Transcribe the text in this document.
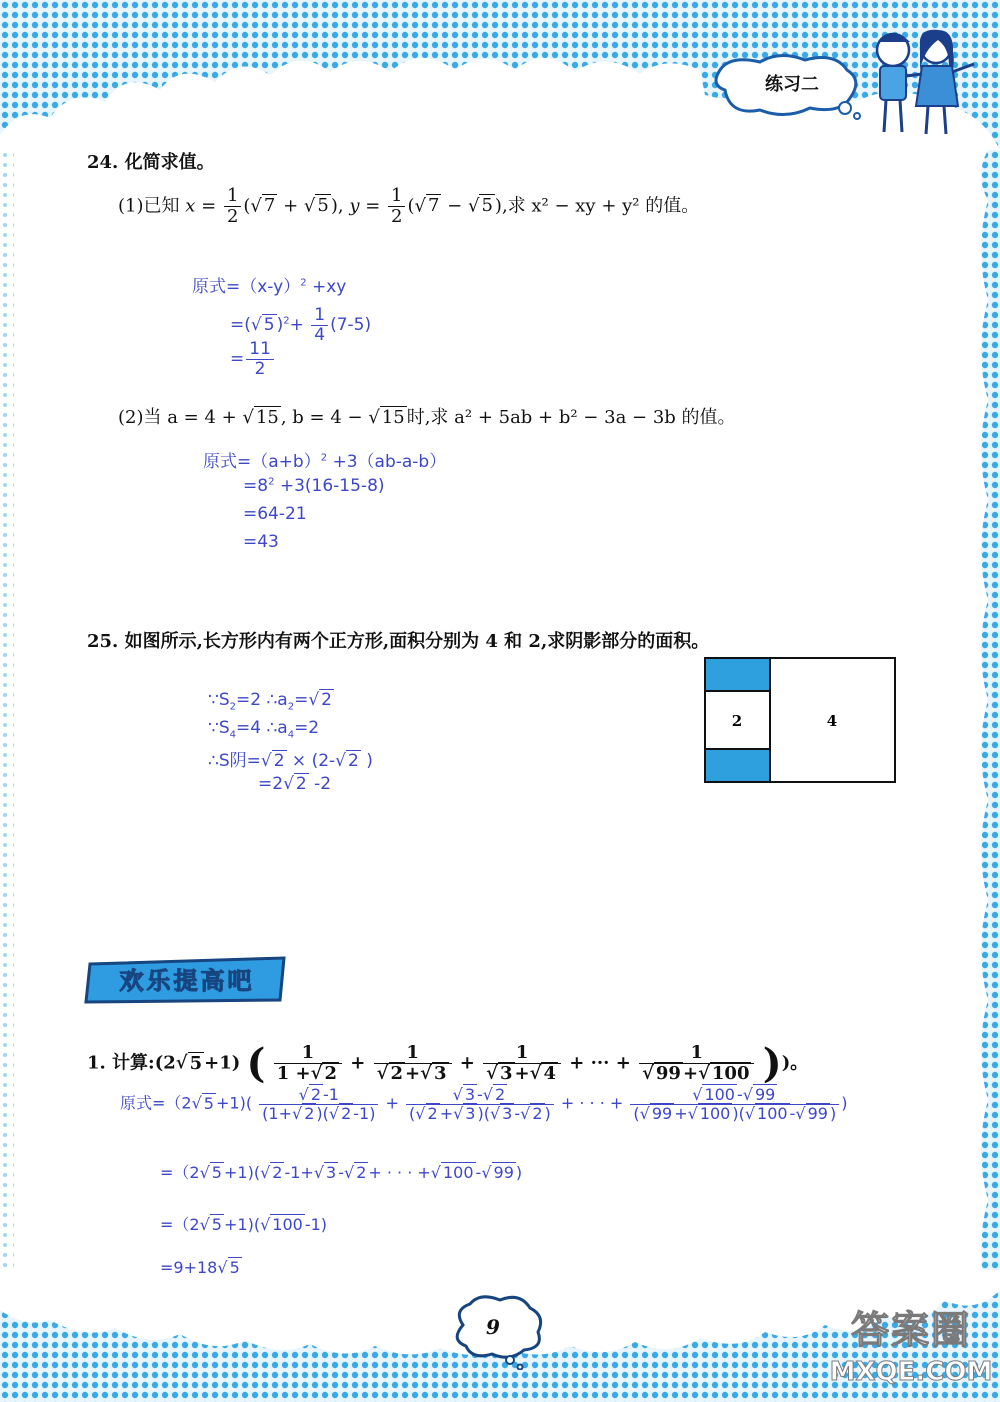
练习二
24. 化简求值。
(1)已知 $x = \frac{1}{2}$ (√ 7 + √ 5 ), $y = \frac{1}{2}$ (√ 7 − √ 5 ),求 x² − xy + y² 的值。
原式$=(x-y)^2 +xy$
=(√ 5 )$^2+ \frac{1}{4} (7-5)$
= $\frac{11}{2}$
(2)当 a = 4 + √ 15 , b = 4 − √ 15 时,求 a² + 5ab + b² − 3a − 3b 的值。
原式$=(a+b)^2 +3(ab-a-b)$
$=8^2 +3(16-15-8)$
=64-21
=43
25. 如图所示,长方形内有两个正方形,面积分别为 4 和 2,求阴影部分的面积。
$\because S_2=2$ $\therefore a_2=√$ 2
$\because S_4=4$ $\therefore a_4=2$
∴S阴=√ 2 × (2-√ 2 )
=2√ 2 -2
2	4
欢乐提高吧
1. 计算:(2√ 5 +1) ( $\frac{1}{1 +√ 2} + \frac{1}{√ 2 +√ 3} + \frac{1}{√ 3 +√ 4}$ + ··· + $\frac{1}{√ 99 +√ 100}$ ))。
原式=（2√ $5 +1)( \frac{√ 2 -1}{(1+√ 2 )(√ 2 -1)} + \frac{√ 3 -√ 2}{(√ 2 +√ 3 )(√ 3 -√ 2 )}$ + · · · + $\frac{√ 100 -√ 99}{(√ 99 +√ 100 )(√ 100 -√ 99 )}$ )
=（2√ 5 +1)(√ 2 -1+√ 3 -√ 2 + · · · +√ 100 -√ 99 )
=（2√ 5 +1)(√ 100 -1)
=9+18√ 5
9	答案圈
MXQE.COM
